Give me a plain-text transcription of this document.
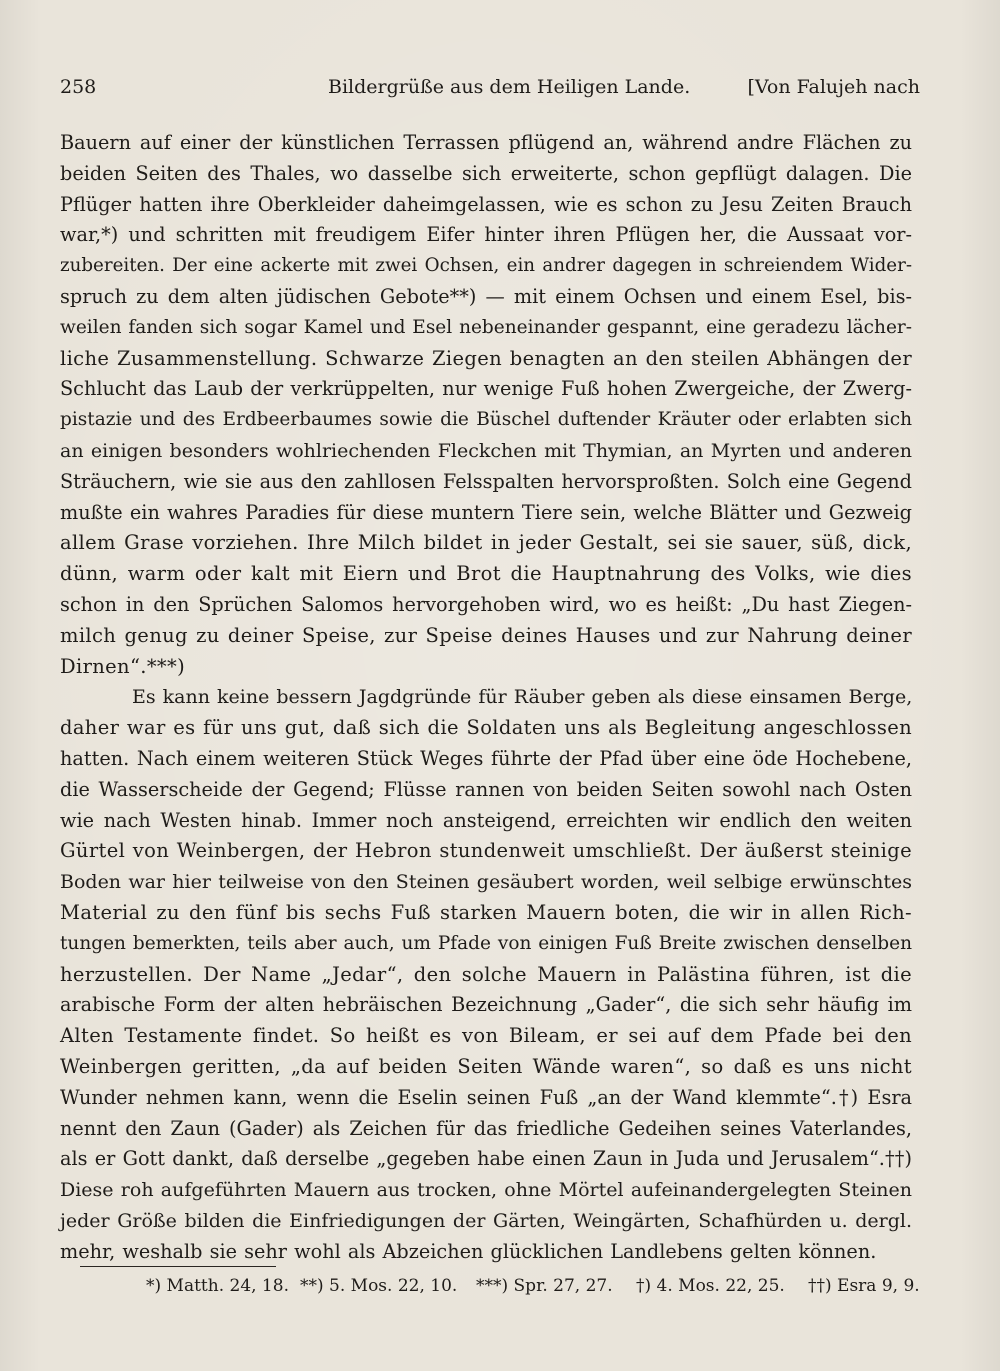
258	Bildergrüße aus dem Heiligen Lande.	[Von Falujeh nach
Bauern auf einer der künstlichen Terrassen pflügend an, während andre Flächen zu
beiden Seiten des Thales, wo dasselbe sich erweiterte, schon gepflügt dalagen. Die
Pflüger hatten ihre Oberkleider daheimgelassen, wie es schon zu Jesu Zeiten Brauch
war,*) und schritten mit freudigem Eifer hinter ihren Pflügen her, die Aussaat vor-
zubereiten. Der eine ackerte mit zwei Ochsen, ein andrer dagegen in schreiendem Wider-
spruch zu dem alten jüdischen Gebote**) — mit einem Ochsen und einem Esel, bis-
weilen fanden sich sogar Kamel und Esel nebeneinander gespannt, eine geradezu lächer-
liche Zusammenstellung. Schwarze Ziegen benagten an den steilen Abhängen der
Schlucht das Laub der verkrüppelten, nur wenige Fuß hohen Zwergeiche, der Zwerg-
pistazie und des Erdbeerbaumes sowie die Büschel duftender Kräuter oder erlabten sich
an einigen besonders wohlriechenden Fleckchen mit Thymian, an Myrten und anderen
Sträuchern, wie sie aus den zahllosen Felsspalten hervorsproßten. Solch eine Gegend
mußte ein wahres Paradies für diese muntern Tiere sein, welche Blätter und Gezweig
allem Grase vorziehen. Ihre Milch bildet in jeder Gestalt, sei sie sauer, süß, dick,
dünn, warm oder kalt mit Eiern und Brot die Hauptnahrung des Volks, wie dies
schon in den Sprüchen Salomos hervorgehoben wird, wo es heißt: „Du hast Ziegen-
milch genug zu deiner Speise, zur Speise deines Hauses und zur Nahrung deiner
Dirnen“.***)
Es kann keine bessern Jagdgründe für Räuber geben als diese einsamen Berge,
daher war es für uns gut, daß sich die Soldaten uns als Begleitung angeschlossen
hatten. Nach einem weiteren Stück Weges führte der Pfad über eine öde Hochebene,
die Wasserscheide der Gegend; Flüsse rannen von beiden Seiten sowohl nach Osten
wie nach Westen hinab. Immer noch ansteigend, erreichten wir endlich den weiten
Gürtel von Weinbergen, der Hebron stundenweit umschließt. Der äußerst steinige
Boden war hier teilweise von den Steinen gesäubert worden, weil selbige erwünschtes
Material zu den fünf bis sechs Fuß starken Mauern boten, die wir in allen Rich-
tungen bemerkten, teils aber auch, um Pfade von einigen Fuß Breite zwischen denselben
herzustellen. Der Name „Jedar“, den solche Mauern in Palästina führen, ist die
arabische Form der alten hebräischen Bezeichnung „Gader“, die sich sehr häufig im
Alten Testamente findet. So heißt es von Bileam, er sei auf dem Pfade bei den
Weinbergen geritten, „da auf beiden Seiten Wände waren“, so daß es uns nicht
Wunder nehmen kann, wenn die Eselin seinen Fuß „an der Wand klemmte“.†) Esra
nennt den Zaun (Gader) als Zeichen für das friedliche Gedeihen seines Vaterlandes,
als er Gott dankt, daß derselbe „gegeben habe einen Zaun in Juda und Jerusalem“.††)
Diese roh aufgeführten Mauern aus trocken, ohne Mörtel aufeinandergelegten Steinen
jeder Größe bilden die Einfriedigungen der Gärten, Weingärten, Schafhürden u. dergl.
mehr, weshalb sie sehr wohl als Abzeichen glücklichen Landlebens gelten können.
*) Matth. 24, 18. **) 5. Mos. 22, 10. ***) Spr. 27, 27. †) 4. Mos. 22, 25. ††) Esra 9, 9.
